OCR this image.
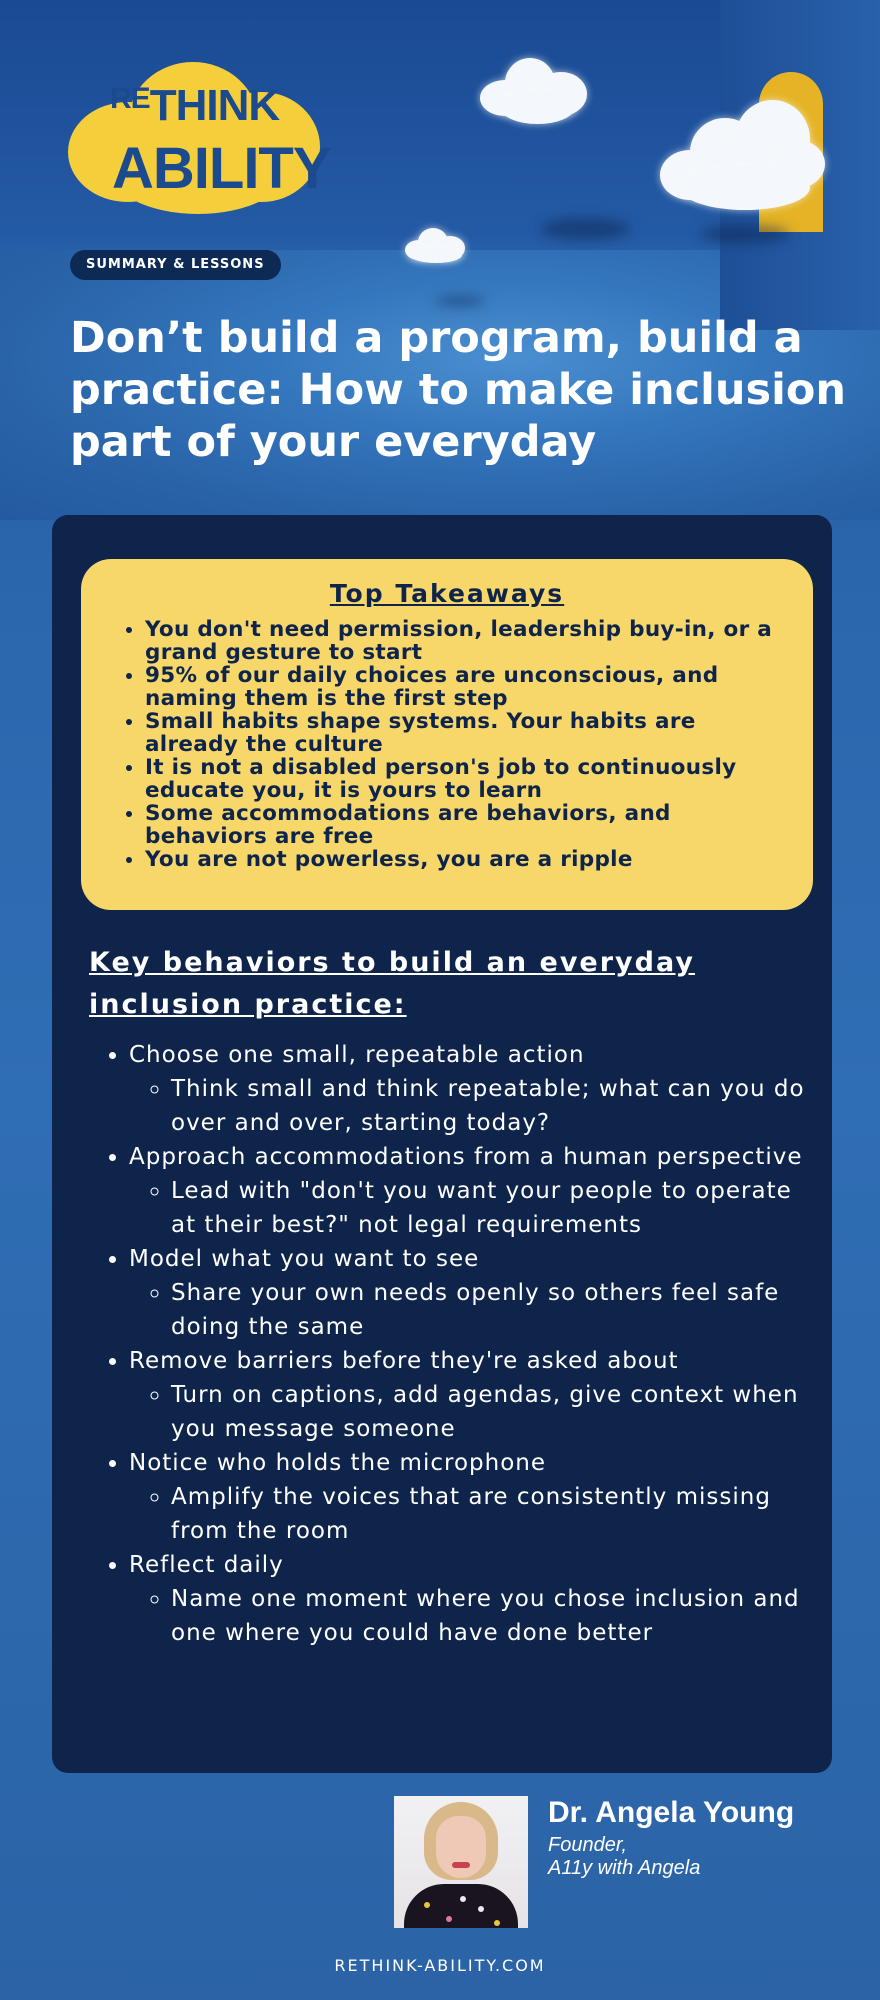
$^{RE}$THINK
ABILITY
SUMMARY & LESSONS
Don’t build a program, build a practice: How to make inclusion part of your everyday
Top Takeaways
• You don't need permission, leadership buy-in, or a grand gesture to start
• 95% of our daily choices are unconscious, and naming them is the first step
• Small habits shape systems. Your habits are already the culture
• It is not a disabled person's job to continuously educate you, it is yours to learn
• Some accommodations are behaviors, and behaviors are free
• You are not powerless, you are a ripple
Key behaviors to build an everyday inclusion practice:
• Choose one small, repeatable action
◦ Think small and think repeatable; what can you do over and over, starting today?
• Approach accommodations from a human perspective
◦ Lead with "don't you want your people to operate at their best?" not legal requirements
• Model what you want to see
◦ Share your own needs openly so others feel safe doing the same
• Remove barriers before they're asked about
◦ Turn on captions, add agendas, give context when you message someone
• Notice who holds the microphone
◦ Amplify the voices that are consistently missing from the room
• Reflect daily
◦ Name one moment where you chose inclusion and one where you could have done better
Dr. Angela Young
Founder,
A11y with Angela
RETHINK-ABILITY.COM
